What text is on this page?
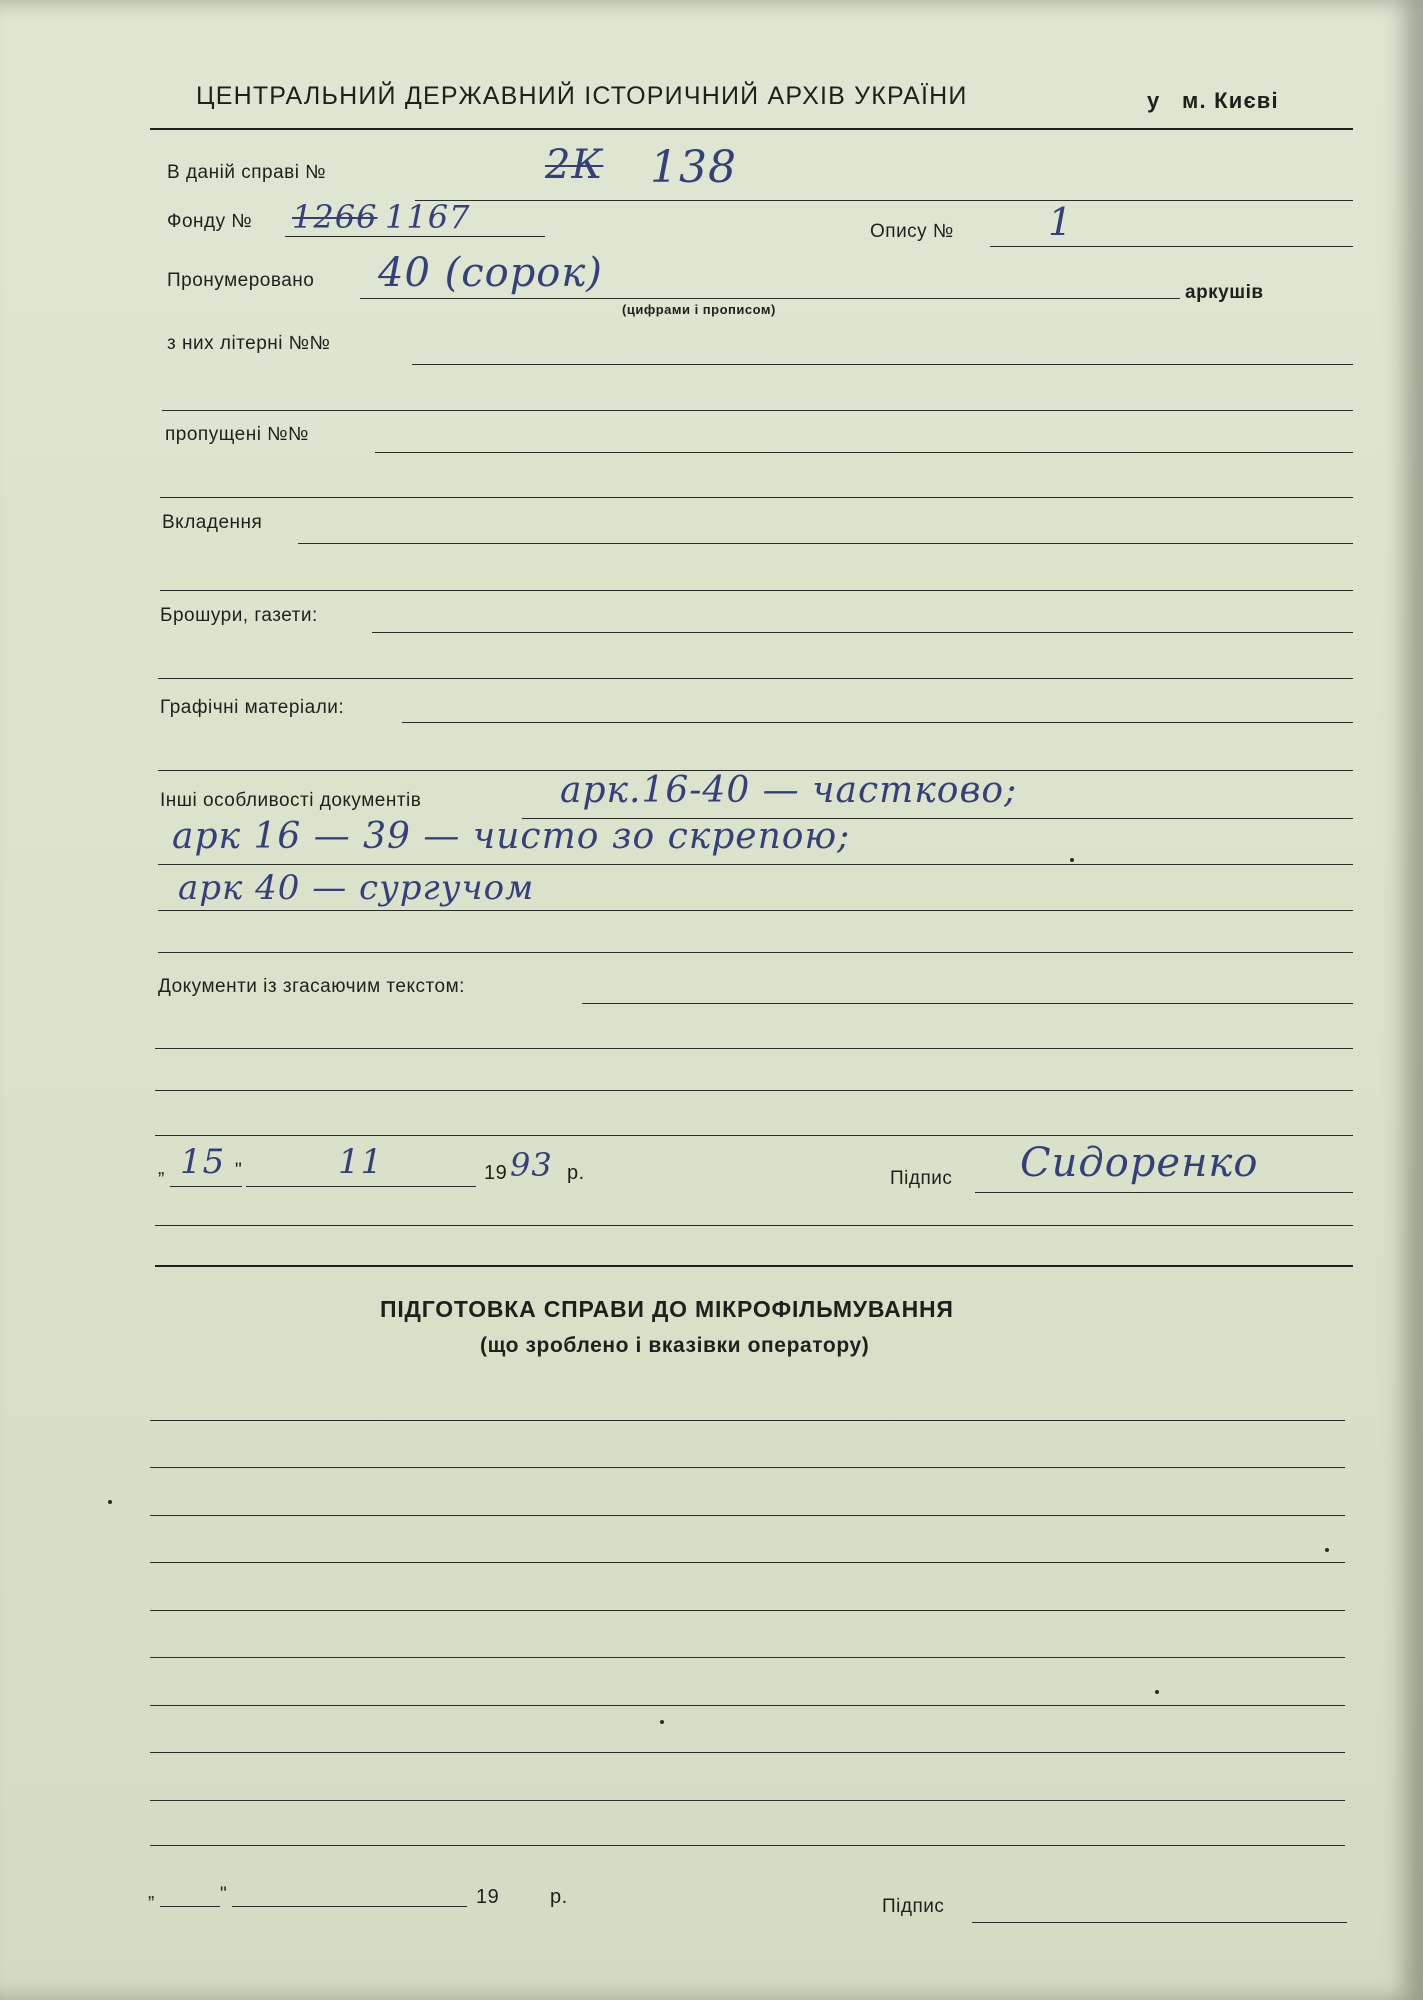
ЦЕНТРАЛЬНИЙ ДЕРЖАВНИЙ ІСТОРИЧНИЙ АРХІВ УКРАЇНИ	у м. Києві
В даній справі №	2К 138
Фонду № 1266 1167	Опису № 1
Пронумеровано 40 (сорок)
(цифрами і прописом)
аркушів
з них літерні №№
пропущені №№
Вкладення
Брошури, газети:
Графічні матеріали:
Інші особливості документів	арк.16-40 — частково;
арк 16 — 39 — чисто зо скрепою;
арк 40 — сургучом
Документи із згасаючим текстом:
„ 15 "	11	19 93 р.	Підпис Сидоренко
ПІДГОТОВКА СПРАВИ ДО МІКРОФІЛЬМУВАННЯ
(що зроблено і вказівки оператору)
„	"	19	р.	Підпис
